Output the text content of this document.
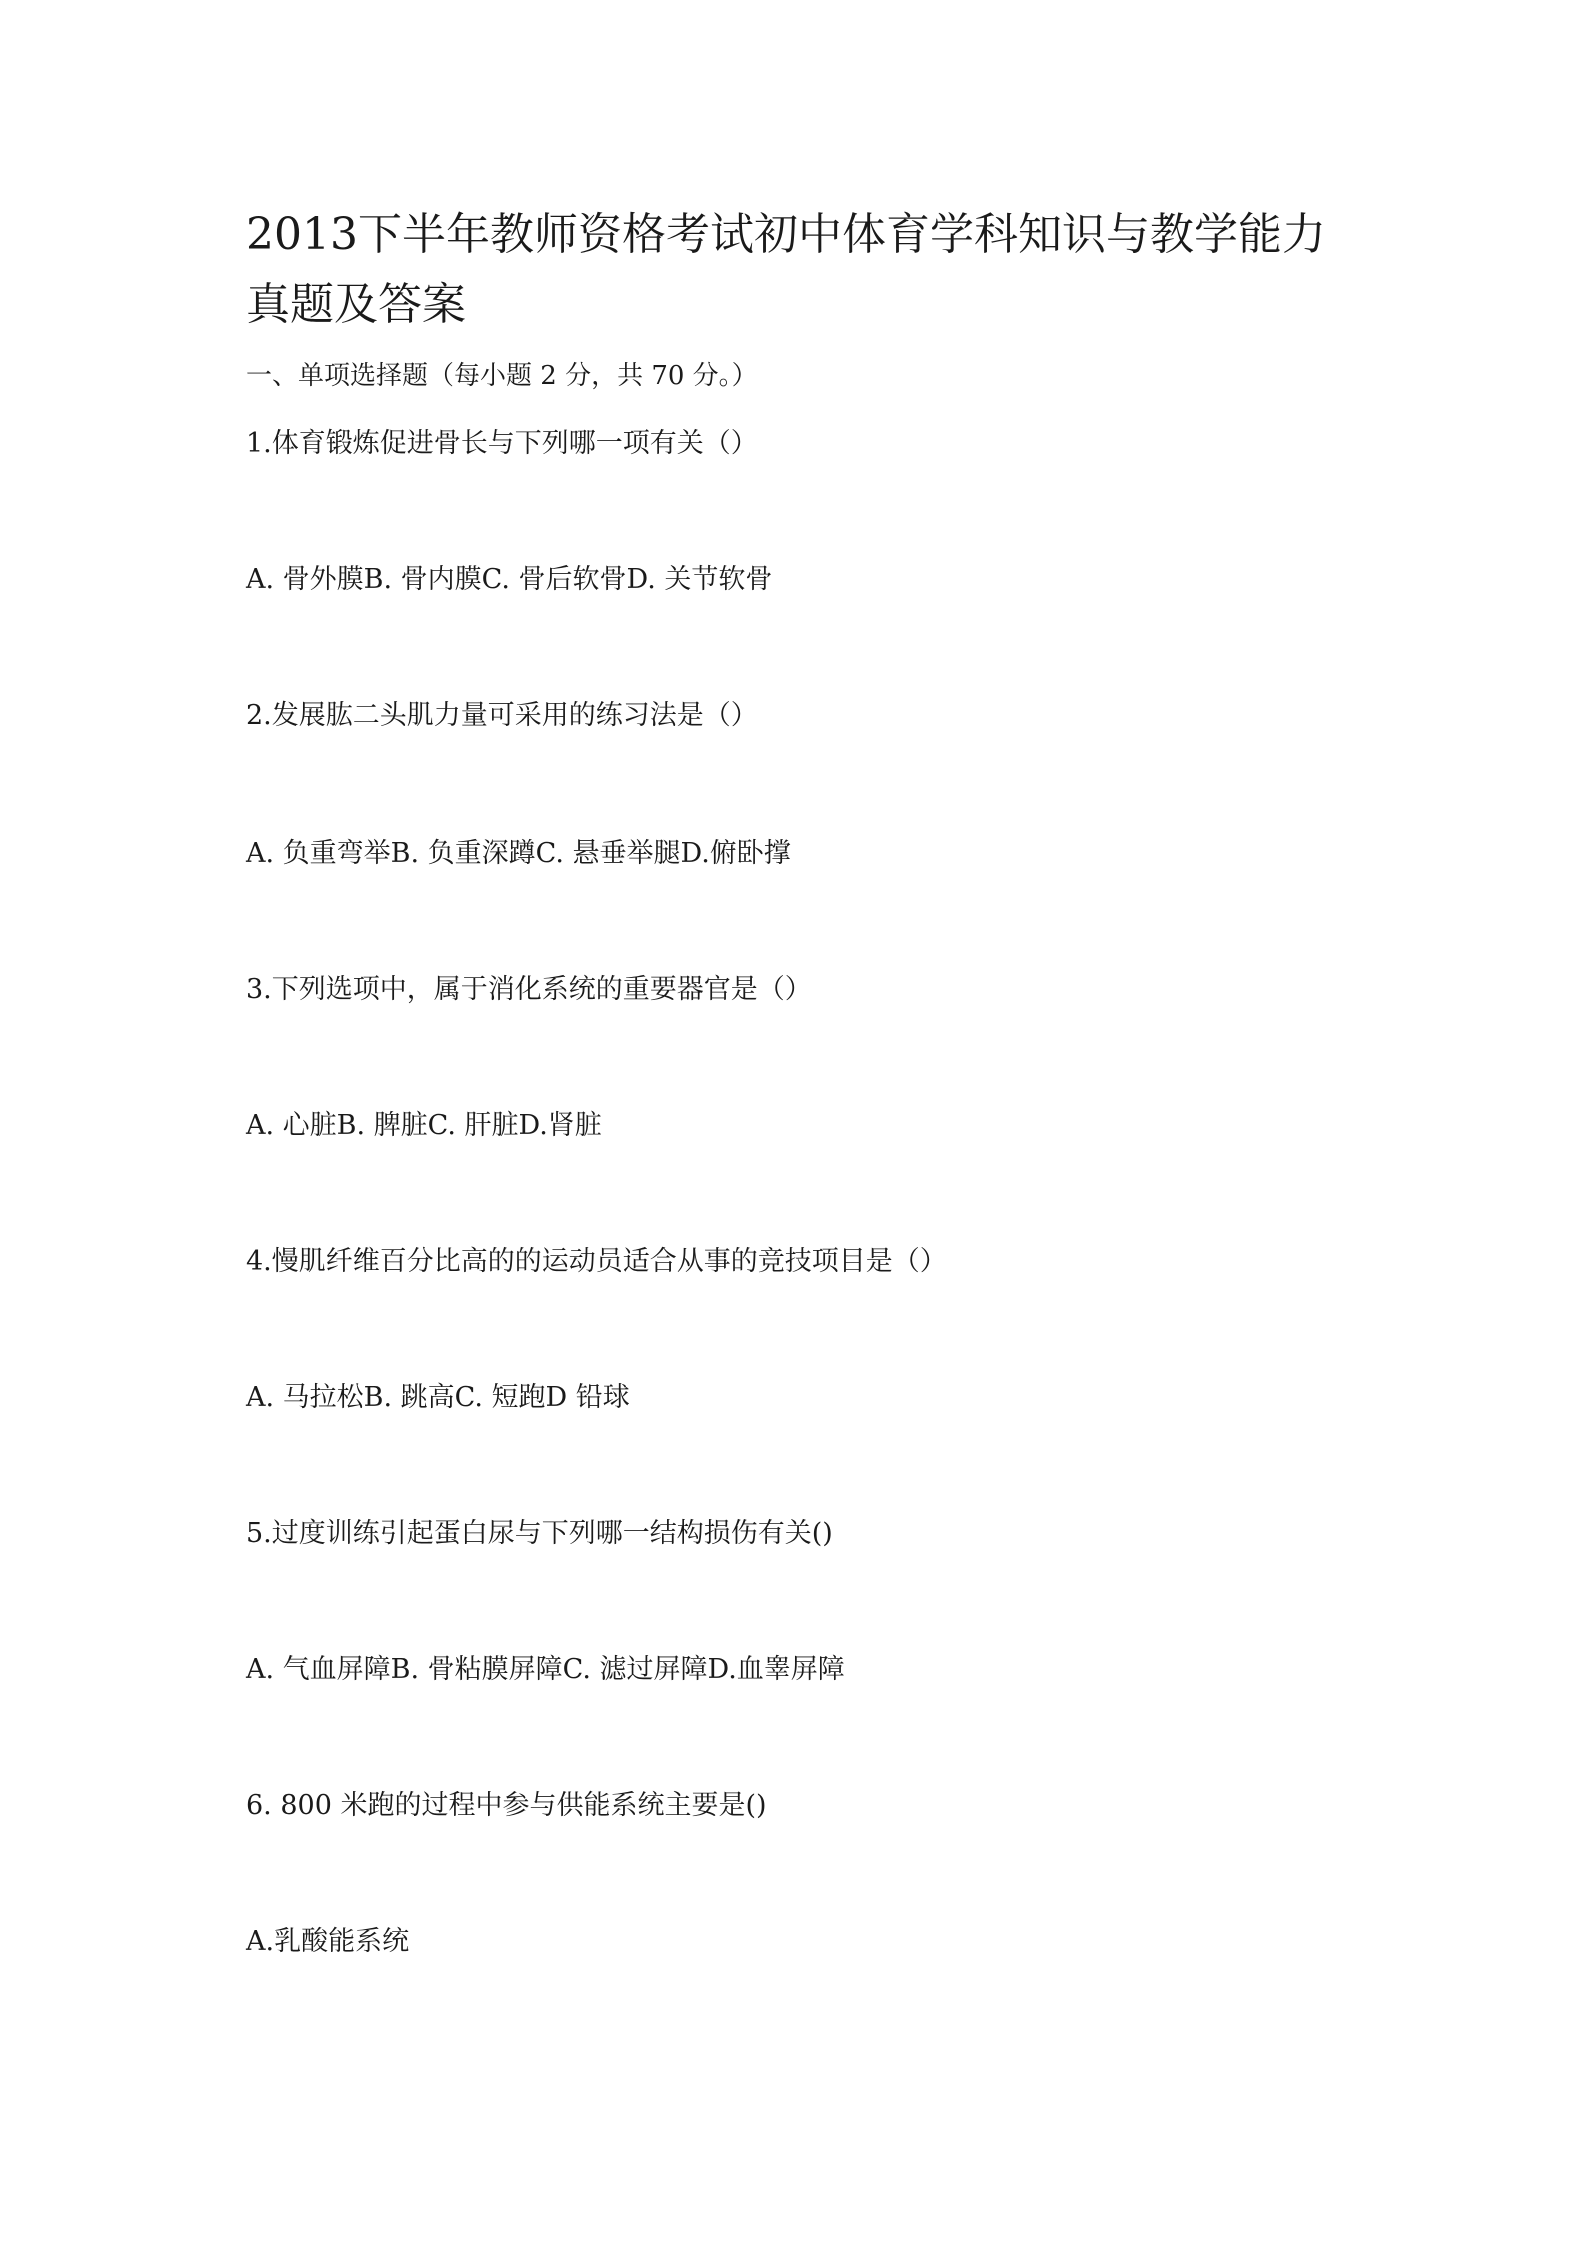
2013下半年教师资格考试初中体育学科知识与教学能力真题及答案

一、单项选择题（每小题 2 分，共 70 分。）

1.体育锻炼促进骨长与下列哪一项有关（）

A. 骨外膜B. 骨内膜C. 骨后软骨D. 关节软骨

2.发展肱二头肌力量可采用的练习法是（）

A. 负重弯举B. 负重深蹲C. 悬垂举腿D.俯卧撑

3.下列选项中，属于消化系统的重要器官是（）

A. 心脏B. 脾脏C. 肝脏D.肾脏

4.慢肌纤维百分比高的的运动员适合从事的竞技项目是（）

A. 马拉松B. 跳高C. 短跑D 铅球

5.过度训练引起蛋白尿与下列哪一结构损伤有关()

A. 气血屏障B. 骨粘膜屏障C. 滤过屏障D.血睾屏障

6. 800 米跑的过程中参与供能系统主要是()

A.乳酸能系统
